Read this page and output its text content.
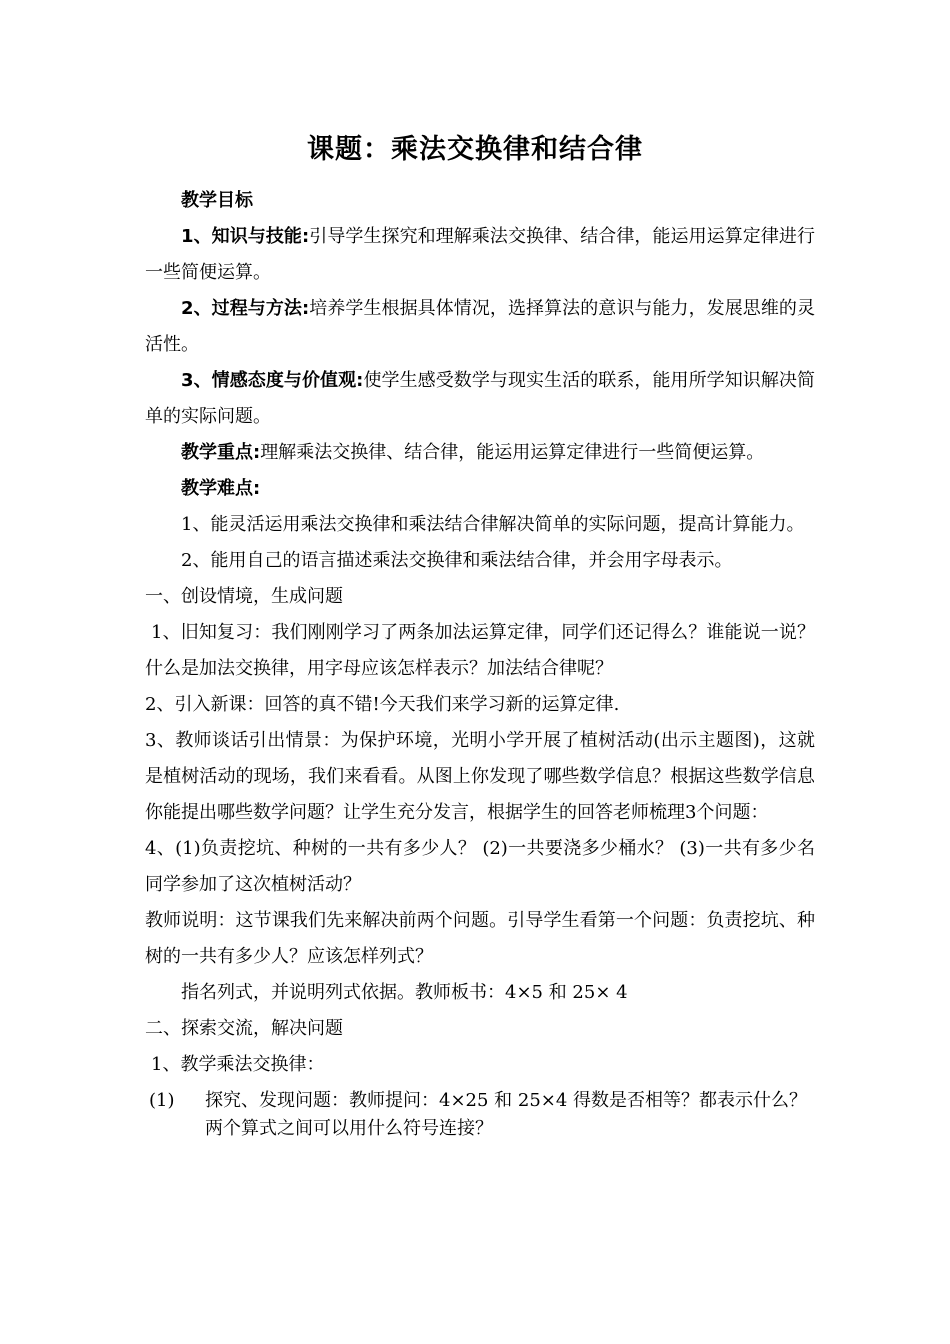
课题：乘法交换律和结合律

教学目标

1、知识与技能:引导学生探究和理解乘法交换律、结合律，能运用运算定律进行一些简便运算。

2、过程与方法:培养学生根据具体情况，选择算法的意识与能力，发展思维的灵活性。

3、情感态度与价值观:使学生感受数学与现实生活的联系，能用所学知识解决简单的实际问题。

教学重点:理解乘法交换律、结合律，能运用运算定律进行一些简便运算。

教学难点:

1、能灵活运用乘法交换律和乘法结合律解决简单的实际问题，提高计算能力。

2、能用自己的语言描述乘法交换律和乘法结合律，并会用字母表示。

一、创设情境，生成问题

1、旧知复习：我们刚刚学习了两条加法运算定律，同学们还记得么？谁能说一说？什么是加法交换律，用字母应该怎样表示？加法结合律呢？

2、引入新课：回答的真不错!今天我们来学习新的运算定律.

3、教师谈话引出情景：为保护环境，光明小学开展了植树活动(出示主题图)，这就是植树活动的现场，我们来看看。从图上你发现了哪些数学信息？根据这些数学信息你能提出哪些数学问题？让学生充分发言，根据学生的回答老师梳理3个问题：

4、(1)负责挖坑、种树的一共有多少人？ (2)一共要浇多少桶水？ (3)一共有多少名同学参加了这次植树活动？

教师说明：这节课我们先来解决前两个问题。引导学生看第一个问题：负责挖坑、种树的一共有多少人？应该怎样列式？

指名列式，并说明列式依据。教师板书：4×5 和 25× 4

二、探索交流，解决问题

1、教学乘法交换律：

(1)	探究、发现问题：教师提问：4×25 和 25×4 得数是否相等？都表示什么？两个算式之间可以用什么符号连接？
